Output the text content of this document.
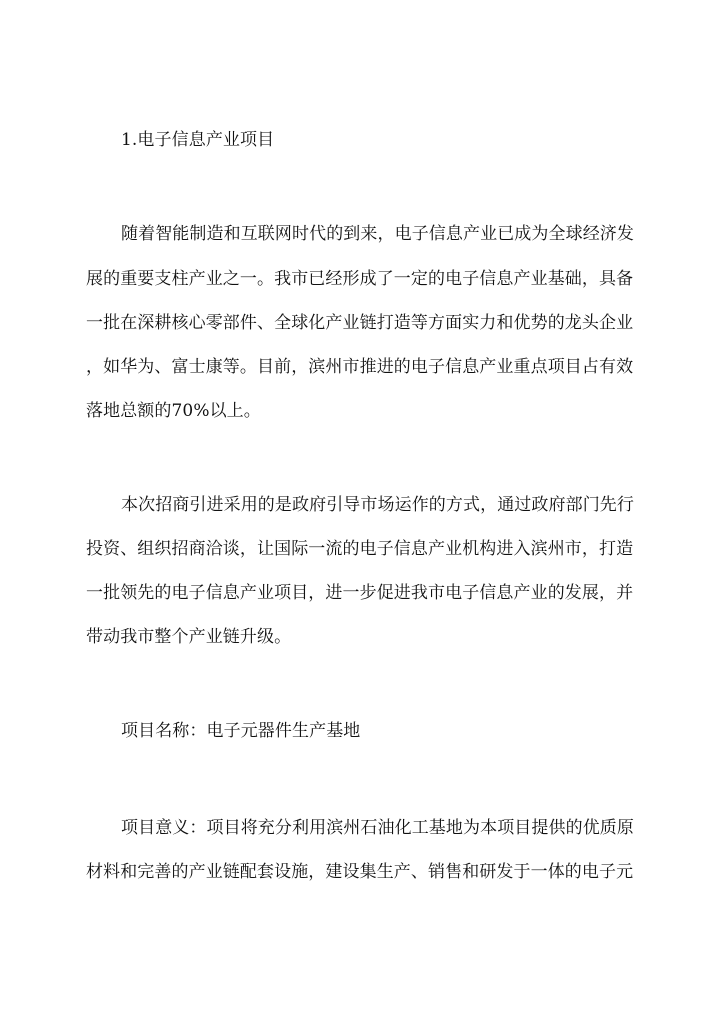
1.电子信息产业项目
随着智能制造和互联网时代的到来，电子信息产业已成为全球经济发
展的重要支柱产业之一。我市已经形成了一定的电子信息产业基础，具备
一批在深耕核心零部件、全球化产业链打造等方面实力和优势的龙头企业
，如华为、富士康等。目前，滨州市推进的电子信息产业重点项目占有效
落地总额的70%以上。
本次招商引进采用的是政府引导市场运作的方式，通过政府部门先行
投资、组织招商洽谈，让国际一流的电子信息产业机构进入滨州市，打造
一批领先的电子信息产业项目，进一步促进我市电子信息产业的发展，并
带动我市整个产业链升级。
项目名称：电子元器件生产基地
项目意义：项目将充分利用滨州石油化工基地为本项目提供的优质原
材料和完善的产业链配套设施，建设集生产、销售和研发于一体的电子元
